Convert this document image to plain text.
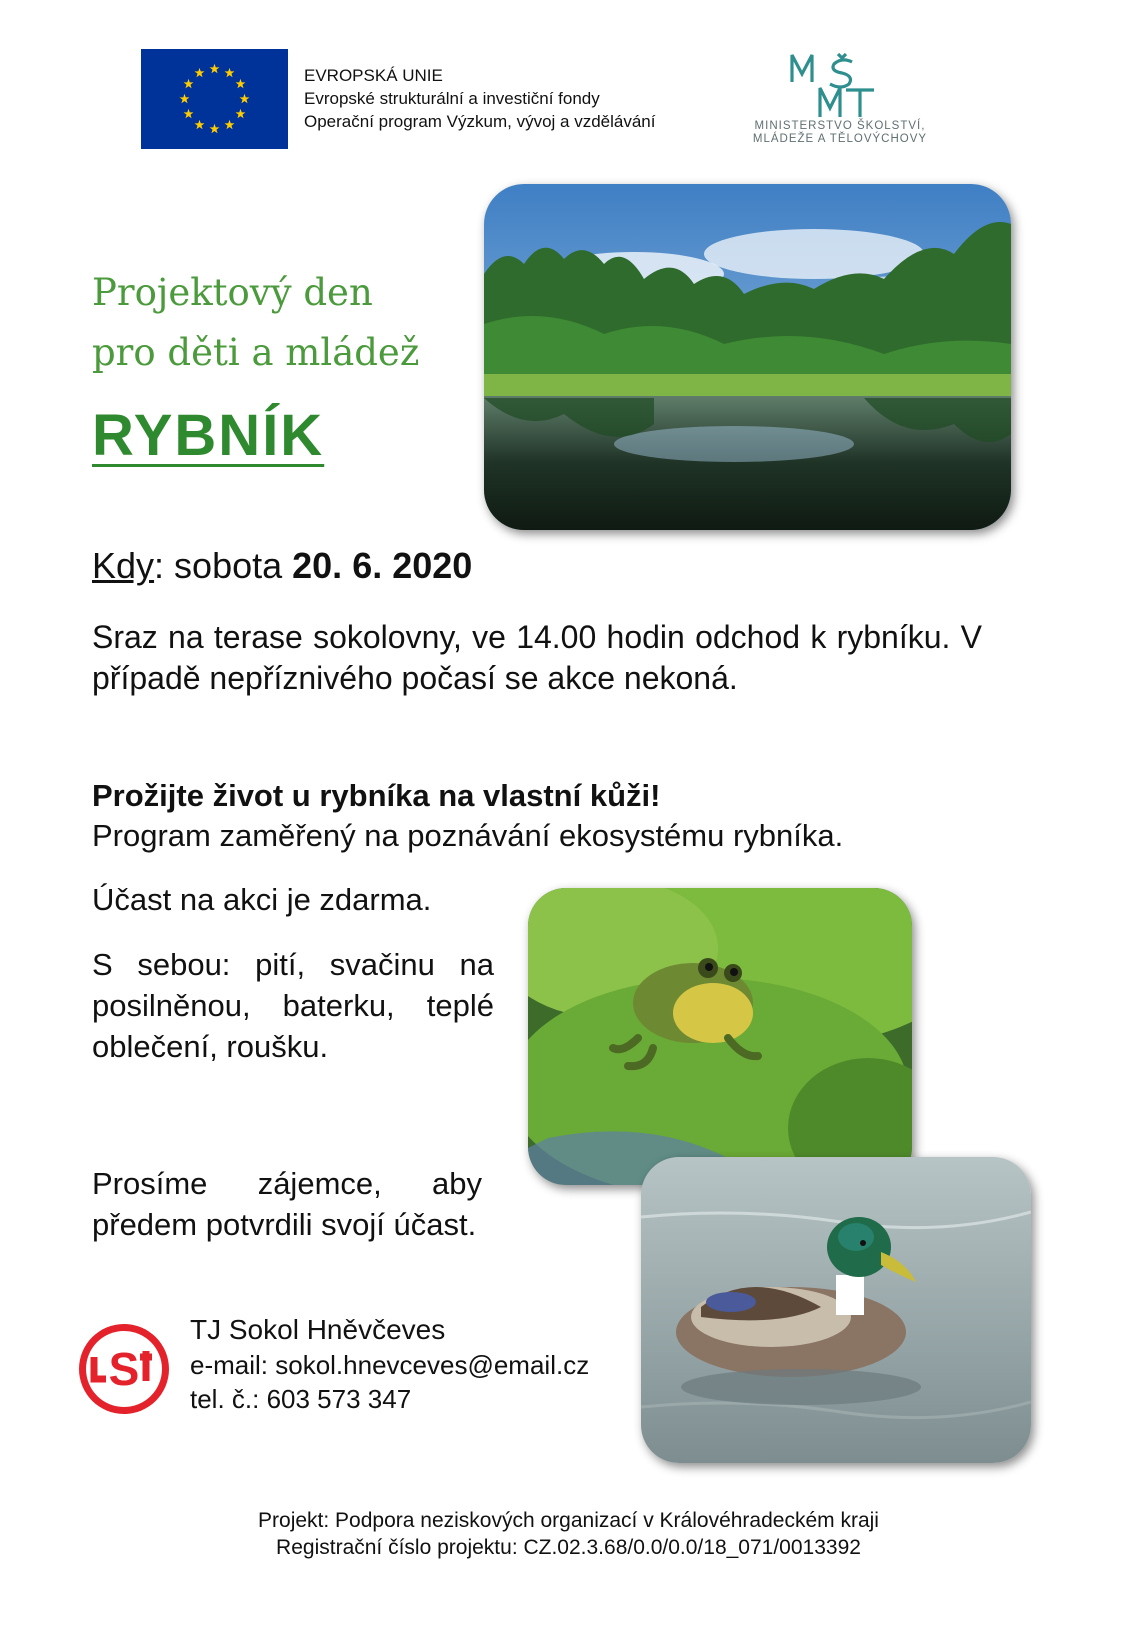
EVROPSKÁ UNIE
Evropské strukturální a investiční fondy
Operační program Výzkum, vývoj a vzdělávání	MINISTERSTVO ŠKOLSTVÍ,
MLÁDEŽE A TĚLOVÝCHOVY
Projektový den
pro děti a mládež
RYBNÍK
Kdy: sobota 20. 6. 2020
Sraz na terase sokolovny, ve 14.00 hodin odchod k rybníku. V případě nepříznivého počasí se akce nekoná.
Prožijte život u rybníka na vlastní kůži!
Program zaměřený na poznávání ekosystému rybníka.
Účast na akci je zdarma.
S sebou: pití, svačinu na posilněnou, baterku, teplé oblečení, roušku.
Prosíme zájemce, aby předem potvrdili svojí účast.
S
TJ Sokol Hněvčeves
e-mail: sokol.hnevceves@email.cz
tel. č.: 603 573 347
Projekt: Podpora neziskových organizací v Královéhradeckém kraji
Registrační číslo projektu: CZ.02.3.68/0.0/0.0/18_071/0013392
